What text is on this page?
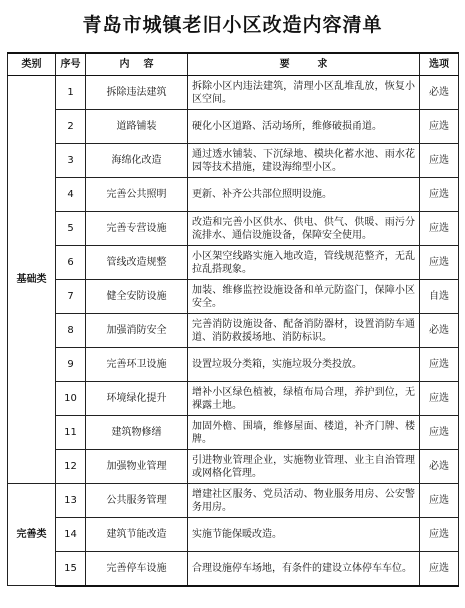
青岛市城镇老旧小区改造内容清单
类别	序号	内    容	要        求	选项
基础类	1	拆除违法建筑	拆除小区内违法建筑，清理小区乱堆乱放，恢复小区空间。	必选
	2	道路铺装	硬化小区道路、活动场所，维修破损甬道。	应选
	3	海绵化改造	通过透水铺装、下沉绿地、模块化蓄水池、雨水花园等技术措施，建设海绵型小区。	应选
	4	完善公共照明	更新、补齐公共部位照明设施。	应选
	5	完善专营设施	改造和完善小区供水、供电、供气、供暖、雨污分流排水、通信设施设备，保障安全使用。	应选
	6	管线改造规整	小区架空线路实施入地改造，管线规范整齐，无乱拉乱搭现象。	应选
	7	健全安防设施	加装、维修监控设施设备和单元防盗门，保障小区安全。	自选
	8	加强消防安全	完善消防设施设备、配备消防器材，设置消防车通道、消防救援场地、消防标识。	必选
	9	完善环卫设施	设置垃圾分类箱，实施垃圾分类投放。	应选
	10	环境绿化提升	增补小区绿色植被，绿植布局合理，养护到位，无裸露土地。	应选
	11	建筑物修缮	加固外檐、围墙，维修屋面、楼道，补齐门牌、楼牌。	应选
	12	加强物业管理	引进物业管理企业，实施物业管理、业主自治管理或网格化管理。	必选
完善类	13	公共服务管理	增建社区服务、党员活动、物业服务用房、公安警务用房。	应选
	14	建筑节能改造	实施节能保暖改造。	应选
	15	完善停车设施	合理设施停车场地，有条件的建设立体停车车位。	应选
